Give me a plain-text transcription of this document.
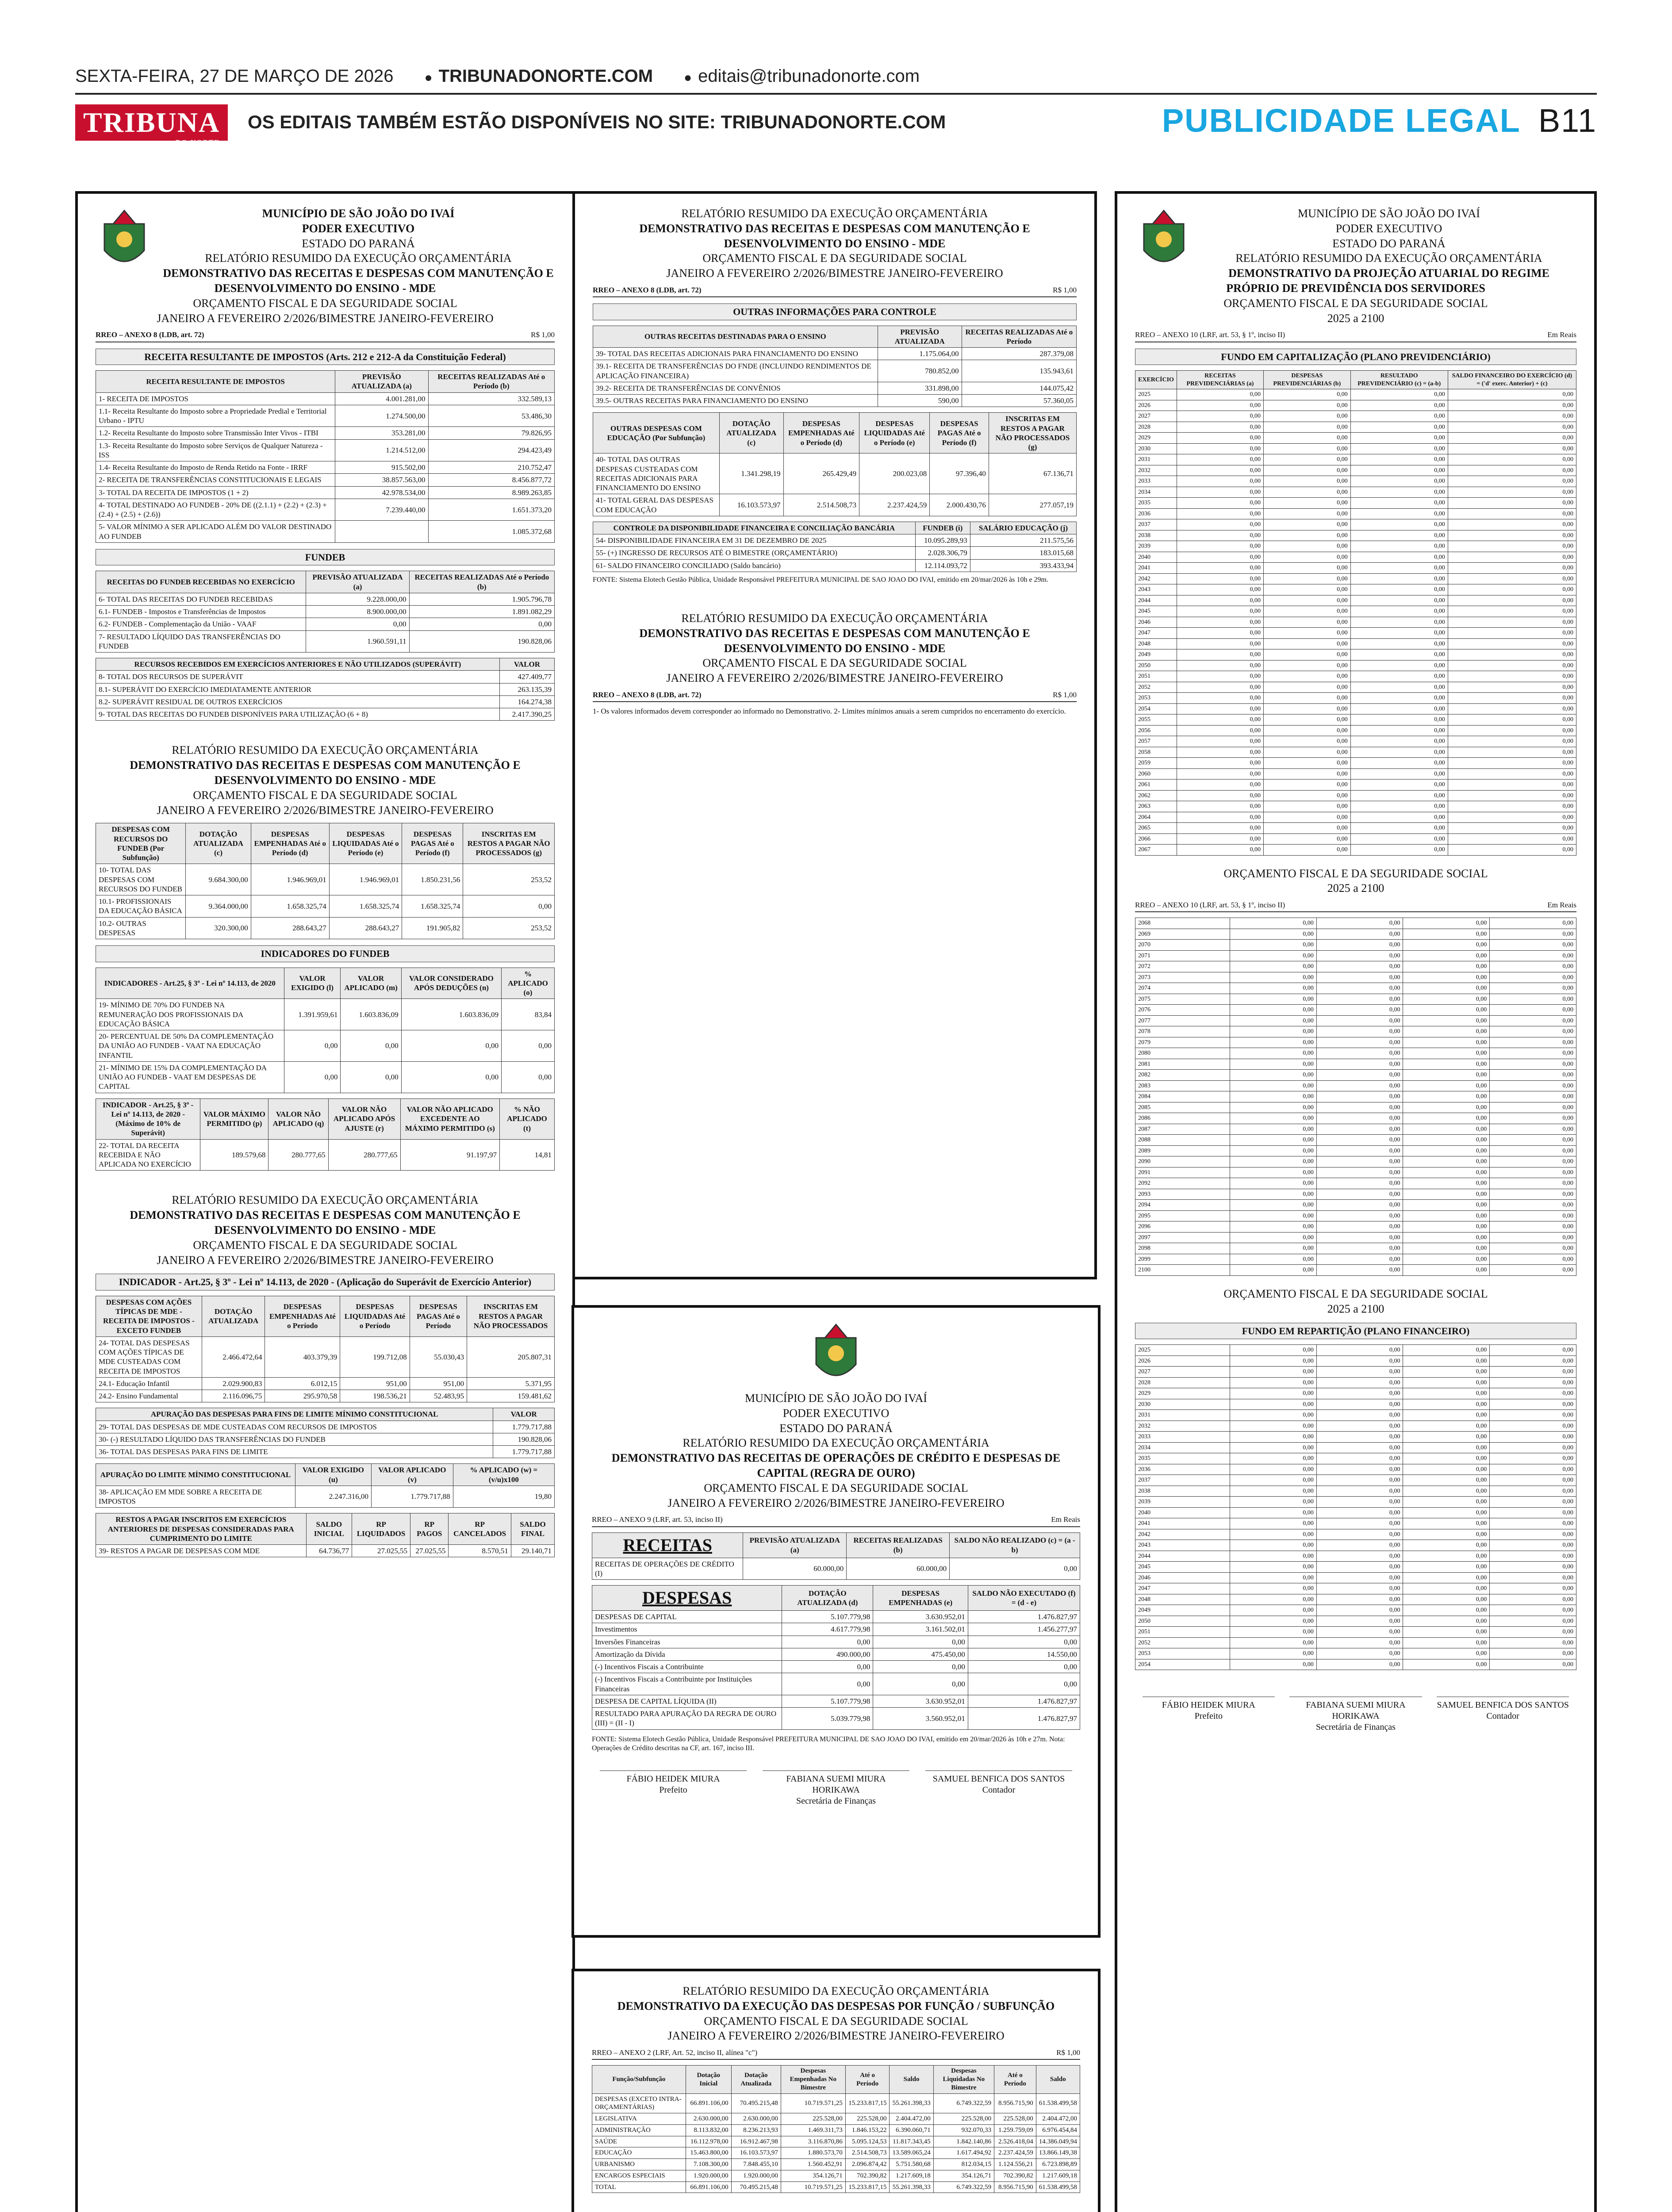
SEXTA-FEIRA, 27 DE MARÇO DE 2026 ● TRIBUNADONORTE.COM ● editais@tribunadonorte.com
TRIBUNA
DO NORTE
OS EDITAIS TAMBÉM ESTÃO DISPONÍVEIS NO SITE: TRIBUNADONORTE.COM	PUBLICIDADE LEGAL B11
MUNICÍPIO DE SÃO JOÃO DO IVAÍ
PODER EXECUTIVO
ESTADO DO PARANÁ
RELATÓRIO RESUMIDO DA EXECUÇÃO ORÇAMENTÁRIA
DEMONSTRATIVO DAS RECEITAS E DESPESAS COM MANUTENÇÃO E DESENVOLVIMENTO DO ENSINO - MDE
ORÇAMENTO FISCAL E DA SEGURIDADE SOCIAL
JANEIRO A FEVEREIRO 2/2026/BIMESTRE JANEIRO-FEVEREIRO
RREO – ANEXO 8 (LDB, art. 72)	R$ 1,00
RECEITA RESULTANTE DE IMPOSTOS (Arts. 212 e 212-A da Constituição Federal)
RECEITA RESULTANTE DE IMPOSTOS	PREVISÃO ATUALIZADA (a)	RECEITAS REALIZADAS Até o Período (b)
1- RECEITA DE IMPOSTOS	4.001.281,00	332.589,13
1.1- Receita Resultante do Imposto sobre a Propriedade Predial e Territorial Urbano - IPTU	1.274.500,00	53.486,30
1.2- Receita Resultante do Imposto sobre Transmissão Inter Vivos - ITBI	353.281,00	79.826,95
1.3- Receita Resultante do Imposto sobre Serviços de Qualquer Natureza - ISS	1.214.512,00	294.423,49
1.4- Receita Resultante do Imposto de Renda Retido na Fonte - IRRF	915.502,00	210.752,47
2- RECEITA DE TRANSFERÊNCIAS CONSTITUCIONAIS E LEGAIS	38.857.563,00	8.456.877,72
3- TOTAL DA RECEITA DE IMPOSTOS (1 + 2)	42.978.534,00	8.989.263,85
4- TOTAL DESTINADO AO FUNDEB - 20% DE ((2.1.1) + (2.2) + (2.3) + (2.4) + (2.5) + (2.6))	7.239.440,00	1.651.373,20
5- VALOR MÍNIMO A SER APLICADO ALÉM DO VALOR DESTINADO AO FUNDEB		1.085.372,68
FUNDEB
RECEITAS DO FUNDEB RECEBIDAS NO EXERCÍCIO	PREVISÃO ATUALIZADA (a)	RECEITAS REALIZADAS Até o Período (b)
6- TOTAL DAS RECEITAS DO FUNDEB RECEBIDAS	9.228.000,00	1.905.796,78
6.1- FUNDEB - Impostos e Transferências de Impostos	8.900.000,00	1.891.082,29
6.2- FUNDEB - Complementação da União - VAAF	0,00	0,00
7- RESULTADO LÍQUIDO DAS TRANSFERÊNCIAS DO FUNDEB	1.960.591,11	190.828,06
RECURSOS RECEBIDOS EM EXERCÍCIOS ANTERIORES E NÃO UTILIZADOS (SUPERÁVIT)	VALOR
8- TOTAL DOS RECURSOS DE SUPERÁVIT	427.409,77
8.1- SUPERÁVIT DO EXERCÍCIO IMEDIATAMENTE ANTERIOR	263.135,39
8.2- SUPERÁVIT RESIDUAL DE OUTROS EXERCÍCIOS	164.274,38
9- TOTAL DAS RECEITAS DO FUNDEB DISPONÍVEIS PARA UTILIZAÇÃO (6 + 8)	2.417.390,25
RELATÓRIO RESUMIDO DA EXECUÇÃO ORÇAMENTÁRIA
DEMONSTRATIVO DAS RECEITAS E DESPESAS COM MANUTENÇÃO E DESENVOLVIMENTO DO ENSINO - MDE
ORÇAMENTO FISCAL E DA SEGURIDADE SOCIAL
JANEIRO A FEVEREIRO 2/2026/BIMESTRE JANEIRO-FEVEREIRO
DESPESAS COM RECURSOS DO FUNDEB (Por Subfunção)	DOTAÇÃO ATUALIZADA (c)	DESPESAS EMPENHADAS Até o Período (d)	DESPESAS LIQUIDADAS Até o Período (e)	DESPESAS PAGAS Até o Período (f)	INSCRITAS EM RESTOS A PAGAR NÃO PROCESSADOS (g)
10- TOTAL DAS DESPESAS COM RECURSOS DO FUNDEB	9.684.300,00	1.946.969,01	1.946.969,01	1.850.231,56	253,52
10.1- PROFISSIONAIS DA EDUCAÇÃO BÁSICA	9.364.000,00	1.658.325,74	1.658.325,74	1.658.325,74	0,00
10.2- OUTRAS DESPESAS	320.300,00	288.643,27	288.643,27	191.905,82	253,52
INDICADORES DO FUNDEB
INDICADORES - Art.25, § 3º - Lei nº 14.113, de 2020	VALOR EXIGIDO (l)	VALOR APLICADO (m)	VALOR CONSIDERADO APÓS DEDUÇÕES (n)	% APLICADO (o)
19- MÍNIMO DE 70% DO FUNDEB NA REMUNERAÇÃO DOS PROFISSIONAIS DA EDUCAÇÃO BÁSICA	1.391.959,61	1.603.836,09	1.603.836,09	83,84
20- PERCENTUAL DE 50% DA COMPLEMENTAÇÃO DA UNIÃO AO FUNDEB - VAAT NA EDUCAÇÃO INFANTIL	0,00	0,00	0,00	0,00
21- MÍNIMO DE 15% DA COMPLEMENTAÇÃO DA UNIÃO AO FUNDEB - VAAT EM DESPESAS DE CAPITAL	0,00	0,00	0,00	0,00
INDICADOR - Art.25, § 3º - Lei nº 14.113, de 2020 - (Máximo de 10% de Superávit)	VALOR MÁXIMO PERMITIDO (p)	VALOR NÃO APLICADO (q)	VALOR NÃO APLICADO APÓS AJUSTE (r)	VALOR NÃO APLICADO EXCEDENTE AO MÁXIMO PERMITIDO (s)	% NÃO APLICADO (t)
22- TOTAL DA RECEITA RECEBIDA E NÃO APLICADA NO EXERCÍCIO	189.579,68	280.777,65	280.777,65	91.197,97	14,81
RELATÓRIO RESUMIDO DA EXECUÇÃO ORÇAMENTÁRIA
DEMONSTRATIVO DAS RECEITAS E DESPESAS COM MANUTENÇÃO E DESENVOLVIMENTO DO ENSINO - MDE
ORÇAMENTO FISCAL E DA SEGURIDADE SOCIAL
JANEIRO A FEVEREIRO 2/2026/BIMESTRE JANEIRO-FEVEREIRO
INDICADOR - Art.25, § 3º - Lei nº 14.113, de 2020 - (Aplicação do Superávit de Exercício Anterior)
DESPESAS COM AÇÕES TÍPICAS DE MDE - RECEITA DE IMPOSTOS - EXCETO FUNDEB	DOTAÇÃO ATUALIZADA	DESPESAS EMPENHADAS Até o Período	DESPESAS LIQUIDADAS Até o Período	DESPESAS PAGAS Até o Período	INSCRITAS EM RESTOS A PAGAR NÃO PROCESSADOS
24- TOTAL DAS DESPESAS COM AÇÕES TÍPICAS DE MDE CUSTEADAS COM RECEITA DE IMPOSTOS	2.466.472,64	403.379,39	199.712,08	55.030,43	205.807,31
24.1- Educação Infantil	2.029.900,83	6.012,15	951,00	951,00	5.371,95
24.2- Ensino Fundamental	2.116.096,75	295.970,58	198.536,21	52.483,95	159.481,62
APURAÇÃO DAS DESPESAS PARA FINS DE LIMITE MÍNIMO CONSTITUCIONAL	VALOR
29- TOTAL DAS DESPESAS DE MDE CUSTEADAS COM RECURSOS DE IMPOSTOS	1.779.717,88
30- (-) RESULTADO LÍQUIDO DAS TRANSFERÊNCIAS DO FUNDEB	190.828,06
36- TOTAL DAS DESPESAS PARA FINS DE LIMITE	1.779.717,88
APURAÇÃO DO LIMITE MÍNIMO CONSTITUCIONAL	VALOR EXIGIDO (u)	VALOR APLICADO (v)	% APLICADO (w) = (v/u)x100
38- APLICAÇÃO EM MDE SOBRE A RECEITA DE IMPOSTOS	2.247.316,00	1.779.717,88	19,80
RESTOS A PAGAR INSCRITOS EM EXERCÍCIOS ANTERIORES DE DESPESAS CONSIDERADAS PARA CUMPRIMENTO DO LIMITE	SALDO INICIAL	RP LIQUIDADOS	RP PAGOS	RP CANCELADOS	SALDO FINAL
39- RESTOS A PAGAR DE DESPESAS COM MDE	64.736,77	27.025,55	27.025,55	8.570,51	29.140,71
RELATÓRIO RESUMIDO DA EXECUÇÃO ORÇAMENTÁRIA
DEMONSTRATIVO DAS RECEITAS E DESPESAS COM MANUTENÇÃO E DESENVOLVIMENTO DO ENSINO - MDE
ORÇAMENTO FISCAL E DA SEGURIDADE SOCIAL
JANEIRO A FEVEREIRO 2/2026/BIMESTRE JANEIRO-FEVEREIRO
RREO – ANEXO 8 (LDB, art. 72)	R$ 1,00
OUTRAS INFORMAÇÕES PARA CONTROLE
OUTRAS RECEITAS DESTINADAS PARA O ENSINO	PREVISÃO ATUALIZADA	RECEITAS REALIZADAS Até o Período
39- TOTAL DAS RECEITAS ADICIONAIS PARA FINANCIAMENTO DO ENSINO	1.175.064,00	287.379,08
39.1- RECEITA DE TRANSFERÊNCIAS DO FNDE (INCLUINDO RENDIMENTOS DE APLICAÇÃO FINANCEIRA)	780.852,00	135.943,61
39.2- RECEITA DE TRANSFERÊNCIAS DE CONVÊNIOS	331.898,00	144.075,42
39.5- OUTRAS RECEITAS PARA FINANCIAMENTO DO ENSINO	590,00	57.360,05
OUTRAS DESPESAS COM EDUCAÇÃO (Por Subfunção)	DOTAÇÃO ATUALIZADA (c)	DESPESAS EMPENHADAS Até o Período (d)	DESPESAS LIQUIDADAS Até o Período (e)	DESPESAS PAGAS Até o Período (f)	INSCRITAS EM RESTOS A PAGAR NÃO PROCESSADOS (g)
40- TOTAL DAS OUTRAS DESPESAS CUSTEADAS COM RECEITAS ADICIONAIS PARA FINANCIAMENTO DO ENSINO	1.341.298,19	265.429,49	200.023,08	97.396,40	67.136,71
41- TOTAL GERAL DAS DESPESAS COM EDUCAÇÃO	16.103.573,97	2.514.508,73	2.237.424,59	2.000.430,76	277.057,19
CONTROLE DA DISPONIBILIDADE FINANCEIRA E CONCILIAÇÃO BANCÁRIA	FUNDEB (i)	SALÁRIO EDUCAÇÃO (j)
54- DISPONIBILIDADE FINANCEIRA EM 31 DE DEZEMBRO DE 2025	10.095.289,93	211.575,56
55- (+) INGRESSO DE RECURSOS ATÉ O BIMESTRE (ORÇAMENTÁRIO)	2.028.306,79	183.015,68
61- SALDO FINANCEIRO CONCILIADO (Saldo bancário)	12.114.093,72	393.433,94
FONTE: Sistema Elotech Gestão Pública, Unidade Responsável PREFEITURA MUNICIPAL DE SAO JOAO DO IVAI, emitido em 20/mar/2026 às 10h e 29m.
RELATÓRIO RESUMIDO DA EXECUÇÃO ORÇAMENTÁRIA
DEMONSTRATIVO DAS RECEITAS E DESPESAS COM MANUTENÇÃO E DESENVOLVIMENTO DO ENSINO - MDE
ORÇAMENTO FISCAL E DA SEGURIDADE SOCIAL
JANEIRO A FEVEREIRO 2/2026/BIMESTRE JANEIRO-FEVEREIRO
RREO – ANEXO 8 (LDB, art. 72)	R$ 1,00
1- Os valores informados devem corresponder ao informado no Demonstrativo. 2- Limites mínimos anuais a serem cumpridos no encerramento do exercício.
MUNICÍPIO DE SÃO JOÃO DO IVAÍ
PODER EXECUTIVO
ESTADO DO PARANÁ
RELATÓRIO RESUMIDO DA EXECUÇÃO ORÇAMENTÁRIA
DEMONSTRATIVO DAS RECEITAS DE OPERAÇÕES DE CRÉDITO E DESPESAS DE CAPITAL (REGRA DE OURO)
ORÇAMENTO FISCAL E DA SEGURIDADE SOCIAL
JANEIRO A FEVEREIRO 2/2026/BIMESTRE JANEIRO-FEVEREIRO
RREO – ANEXO 9 (LRF, art. 53, inciso II)	Em Reais
RECEITAS	PREVISÃO ATUALIZADA (a)	RECEITAS REALIZADAS (b)	SALDO NÃO REALIZADO (c) = (a - b)
RECEITAS DE OPERAÇÕES DE CRÉDITO (I)	60.000,00	60.000,00	0,00
DESPESAS	DOTAÇÃO ATUALIZADA (d)	DESPESAS EMPENHADAS (e)	SALDO NÃO EXECUTADO (f) = (d - e)
DESPESAS DE CAPITAL	5.107.779,98	3.630.952,01	1.476.827,97
Investimentos	4.617.779,98	3.161.502,01	1.456.277,97
Inversões Financeiras	0,00	0,00	0,00
Amortização da Dívida	490.000,00	475.450,00	14.550,00
(-) Incentivos Fiscais a Contribuinte	0,00	0,00	0,00
(-) Incentivos Fiscais a Contribuinte por Instituições Financeiras	0,00	0,00	0,00
DESPESA DE CAPITAL LÍQUIDA (II)	5.107.779,98	3.630.952,01	1.476.827,97
RESULTADO PARA APURAÇÃO DA REGRA DE OURO (III) = (II - I)	5.039.779,98	3.560.952,01	1.476.827,97
FONTE: Sistema Elotech Gestão Pública, Unidade Responsável PREFEITURA MUNICIPAL DE SAO JOAO DO IVAI, emitido em 20/mar/2026 às 10h e 27m. Nota: Operações de Crédito descritas na CF, art. 167, inciso III.
FÁBIO HEIDEK MIURA
Prefeito
FABIANA SUEMI MIURA HORIKAWA
Secretária de Finanças
SAMUEL BENFICA DOS SANTOS
Contador
RELATÓRIO RESUMIDO DA EXECUÇÃO ORÇAMENTÁRIA
DEMONSTRATIVO DA EXECUÇÃO DAS DESPESAS POR FUNÇÃO / SUBFUNÇÃO
ORÇAMENTO FISCAL E DA SEGURIDADE SOCIAL
JANEIRO A FEVEREIRO 2/2026/BIMESTRE JANEIRO-FEVEREIRO
RREO – ANEXO 2 (LRF, Art. 52, inciso II, alínea "c")	R$ 1,00
Função/Subfunção	Dotação Inicial	Dotação Atualizada	Despesas Empenhadas No Bimestre	Até o Período	Saldo	Despesas Liquidadas No Bimestre	Até o Período	Saldo
DESPESAS (EXCETO INTRA-ORÇAMENTÁRIAS)	66.891.106,00	70.495.215,48	10.719.571,25	15.233.817,15	55.261.398,33	6.749.322,59	8.956.715,90	61.538.499,58
LEGISLATIVA	2.630.000,00	2.630.000,00	225.528,00	225.528,00	2.404.472,00	225.528,00	225.528,00	2.404.472,00
ADMINISTRAÇÃO	8.113.832,00	8.236.213,93	1.469.311,73	1.846.153,22	6.390.060,71	932.070,33	1.259.759,09	6.976.454,84
SAÚDE	16.112.978,00	16.912.467,98	3.116.870,86	5.095.124,53	11.817.343,45	1.842.140,86	2.526.418,04	14.386.049,94
EDUCAÇÃO	15.463.800,00	16.103.573,97	1.880.573,70	2.514.508,73	13.589.065,24	1.617.494,92	2.237.424,59	13.866.149,38
URBANISMO	7.108.300,00	7.848.455,10	1.560.452,91	2.096.874,42	5.751.580,68	812.034,15	1.124.556,21	6.723.898,89
ENCARGOS ESPECIAIS	1.920.000,00	1.920.000,00	354.126,71	702.390,82	1.217.609,18	354.126,71	702.390,82	1.217.609,18
TOTAL	66.891.106,00	70.495.215,48	10.719.571,25	15.233.817,15	55.261.398,33	6.749.322,59	8.956.715,90	61.538.499,58

MUNICÍPIO DE SÃO JOÃO DO IVAÍ
PODER EXECUTIVO
ESTADO DO PARANÁ
RELATÓRIO RESUMIDO DA EXECUÇÃO ORÇAMENTÁRIA
DEMONSTRATIVO DA PROJEÇÃO ATUARIAL DO REGIME PRÓPRIO DE PREVIDÊNCIA DOS SERVIDORES
ORÇAMENTO FISCAL E DA SEGURIDADE SOCIAL
2025 a 2100
RREO – ANEXO 10 (LRF, art. 53, § 1º, inciso II)	Em Reais
FUNDO EM CAPITALIZAÇÃO (PLANO PREVIDENCIÁRIO)
EXERCÍCIO	RECEITAS PREVIDENCIÁRIAS (a)	DESPESAS PREVIDENCIÁRIAS (b)	RESULTADO PREVIDENCIÁRIO (c) = (a-b)	SALDO FINANCEIRO DO EXERCÍCIO (d) = ('d' exerc. Anterior) + (c)
2025	0,00	0,00	0,00	0,00
2026	0,00	0,00	0,00	0,00
2027	0,00	0,00	0,00	0,00
2028	0,00	0,00	0,00	0,00
2029	0,00	0,00	0,00	0,00
2030	0,00	0,00	0,00	0,00
2031	0,00	0,00	0,00	0,00
2032	0,00	0,00	0,00	0,00
2033	0,00	0,00	0,00	0,00
2034	0,00	0,00	0,00	0,00
2035	0,00	0,00	0,00	0,00
2036	0,00	0,00	0,00	0,00
2037	0,00	0,00	0,00	0,00
2038	0,00	0,00	0,00	0,00
2039	0,00	0,00	0,00	0,00
2040	0,00	0,00	0,00	0,00
2041	0,00	0,00	0,00	0,00
2042	0,00	0,00	0,00	0,00
2043	0,00	0,00	0,00	0,00
2044	0,00	0,00	0,00	0,00
2045	0,00	0,00	0,00	0,00
2046	0,00	0,00	0,00	0,00
2047	0,00	0,00	0,00	0,00
2048	0,00	0,00	0,00	0,00
2049	0,00	0,00	0,00	0,00
2050	0,00	0,00	0,00	0,00
2051	0,00	0,00	0,00	0,00
2052	0,00	0,00	0,00	0,00
2053	0,00	0,00	0,00	0,00
2054	0,00	0,00	0,00	0,00
2055	0,00	0,00	0,00	0,00
2056	0,00	0,00	0,00	0,00
2057	0,00	0,00	0,00	0,00
2058	0,00	0,00	0,00	0,00
2059	0,00	0,00	0,00	0,00
2060	0,00	0,00	0,00	0,00
2061	0,00	0,00	0,00	0,00
2062	0,00	0,00	0,00	0,00
2063	0,00	0,00	0,00	0,00
2064	0,00	0,00	0,00	0,00
2065	0,00	0,00	0,00	0,00
2066	0,00	0,00	0,00	0,00
2067	0,00	0,00	0,00	0,00
ORÇAMENTO FISCAL E DA SEGURIDADE SOCIAL
2025 a 2100
RREO – ANEXO 10 (LRF, art. 53, § 1º, inciso II)	Em Reais
2068	0,00	0,00	0,00	0,00
2069	0,00	0,00	0,00	0,00
2070	0,00	0,00	0,00	0,00
2071	0,00	0,00	0,00	0,00
2072	0,00	0,00	0,00	0,00
2073	0,00	0,00	0,00	0,00
2074	0,00	0,00	0,00	0,00
2075	0,00	0,00	0,00	0,00
2076	0,00	0,00	0,00	0,00
2077	0,00	0,00	0,00	0,00
2078	0,00	0,00	0,00	0,00
2079	0,00	0,00	0,00	0,00
2080	0,00	0,00	0,00	0,00
2081	0,00	0,00	0,00	0,00
2082	0,00	0,00	0,00	0,00
2083	0,00	0,00	0,00	0,00
2084	0,00	0,00	0,00	0,00
2085	0,00	0,00	0,00	0,00
2086	0,00	0,00	0,00	0,00
2087	0,00	0,00	0,00	0,00
2088	0,00	0,00	0,00	0,00
2089	0,00	0,00	0,00	0,00
2090	0,00	0,00	0,00	0,00
2091	0,00	0,00	0,00	0,00
2092	0,00	0,00	0,00	0,00
2093	0,00	0,00	0,00	0,00
2094	0,00	0,00	0,00	0,00
2095	0,00	0,00	0,00	0,00
2096	0,00	0,00	0,00	0,00
2097	0,00	0,00	0,00	0,00
2098	0,00	0,00	0,00	0,00
2099	0,00	0,00	0,00	0,00
2100	0,00	0,00	0,00	0,00
ORÇAMENTO FISCAL E DA SEGURIDADE SOCIAL
2025 a 2100
FUNDO EM REPARTIÇÃO (PLANO FINANCEIRO)
2025	0,00	0,00	0,00	0,00
2026	0,00	0,00	0,00	0,00
2027	0,00	0,00	0,00	0,00
2028	0,00	0,00	0,00	0,00
2029	0,00	0,00	0,00	0,00
2030	0,00	0,00	0,00	0,00
2031	0,00	0,00	0,00	0,00
2032	0,00	0,00	0,00	0,00
2033	0,00	0,00	0,00	0,00
2034	0,00	0,00	0,00	0,00
2035	0,00	0,00	0,00	0,00
2036	0,00	0,00	0,00	0,00
2037	0,00	0,00	0,00	0,00
2038	0,00	0,00	0,00	0,00
2039	0,00	0,00	0,00	0,00
2040	0,00	0,00	0,00	0,00
2041	0,00	0,00	0,00	0,00
2042	0,00	0,00	0,00	0,00
2043	0,00	0,00	0,00	0,00
2044	0,00	0,00	0,00	0,00
2045	0,00	0,00	0,00	0,00
2046	0,00	0,00	0,00	0,00
2047	0,00	0,00	0,00	0,00
2048	0,00	0,00	0,00	0,00
2049	0,00	0,00	0,00	0,00
2050	0,00	0,00	0,00	0,00
2051	0,00	0,00	0,00	0,00
2052	0,00	0,00	0,00	0,00
2053	0,00	0,00	0,00	0,00
2054	0,00	0,00	0,00	0,00
FÁBIO HEIDEK MIURA
Prefeito
FABIANA SUEMI MIURA HORIKAWA
Secretária de Finanças
SAMUEL BENFICA DOS SANTOS
Contador
